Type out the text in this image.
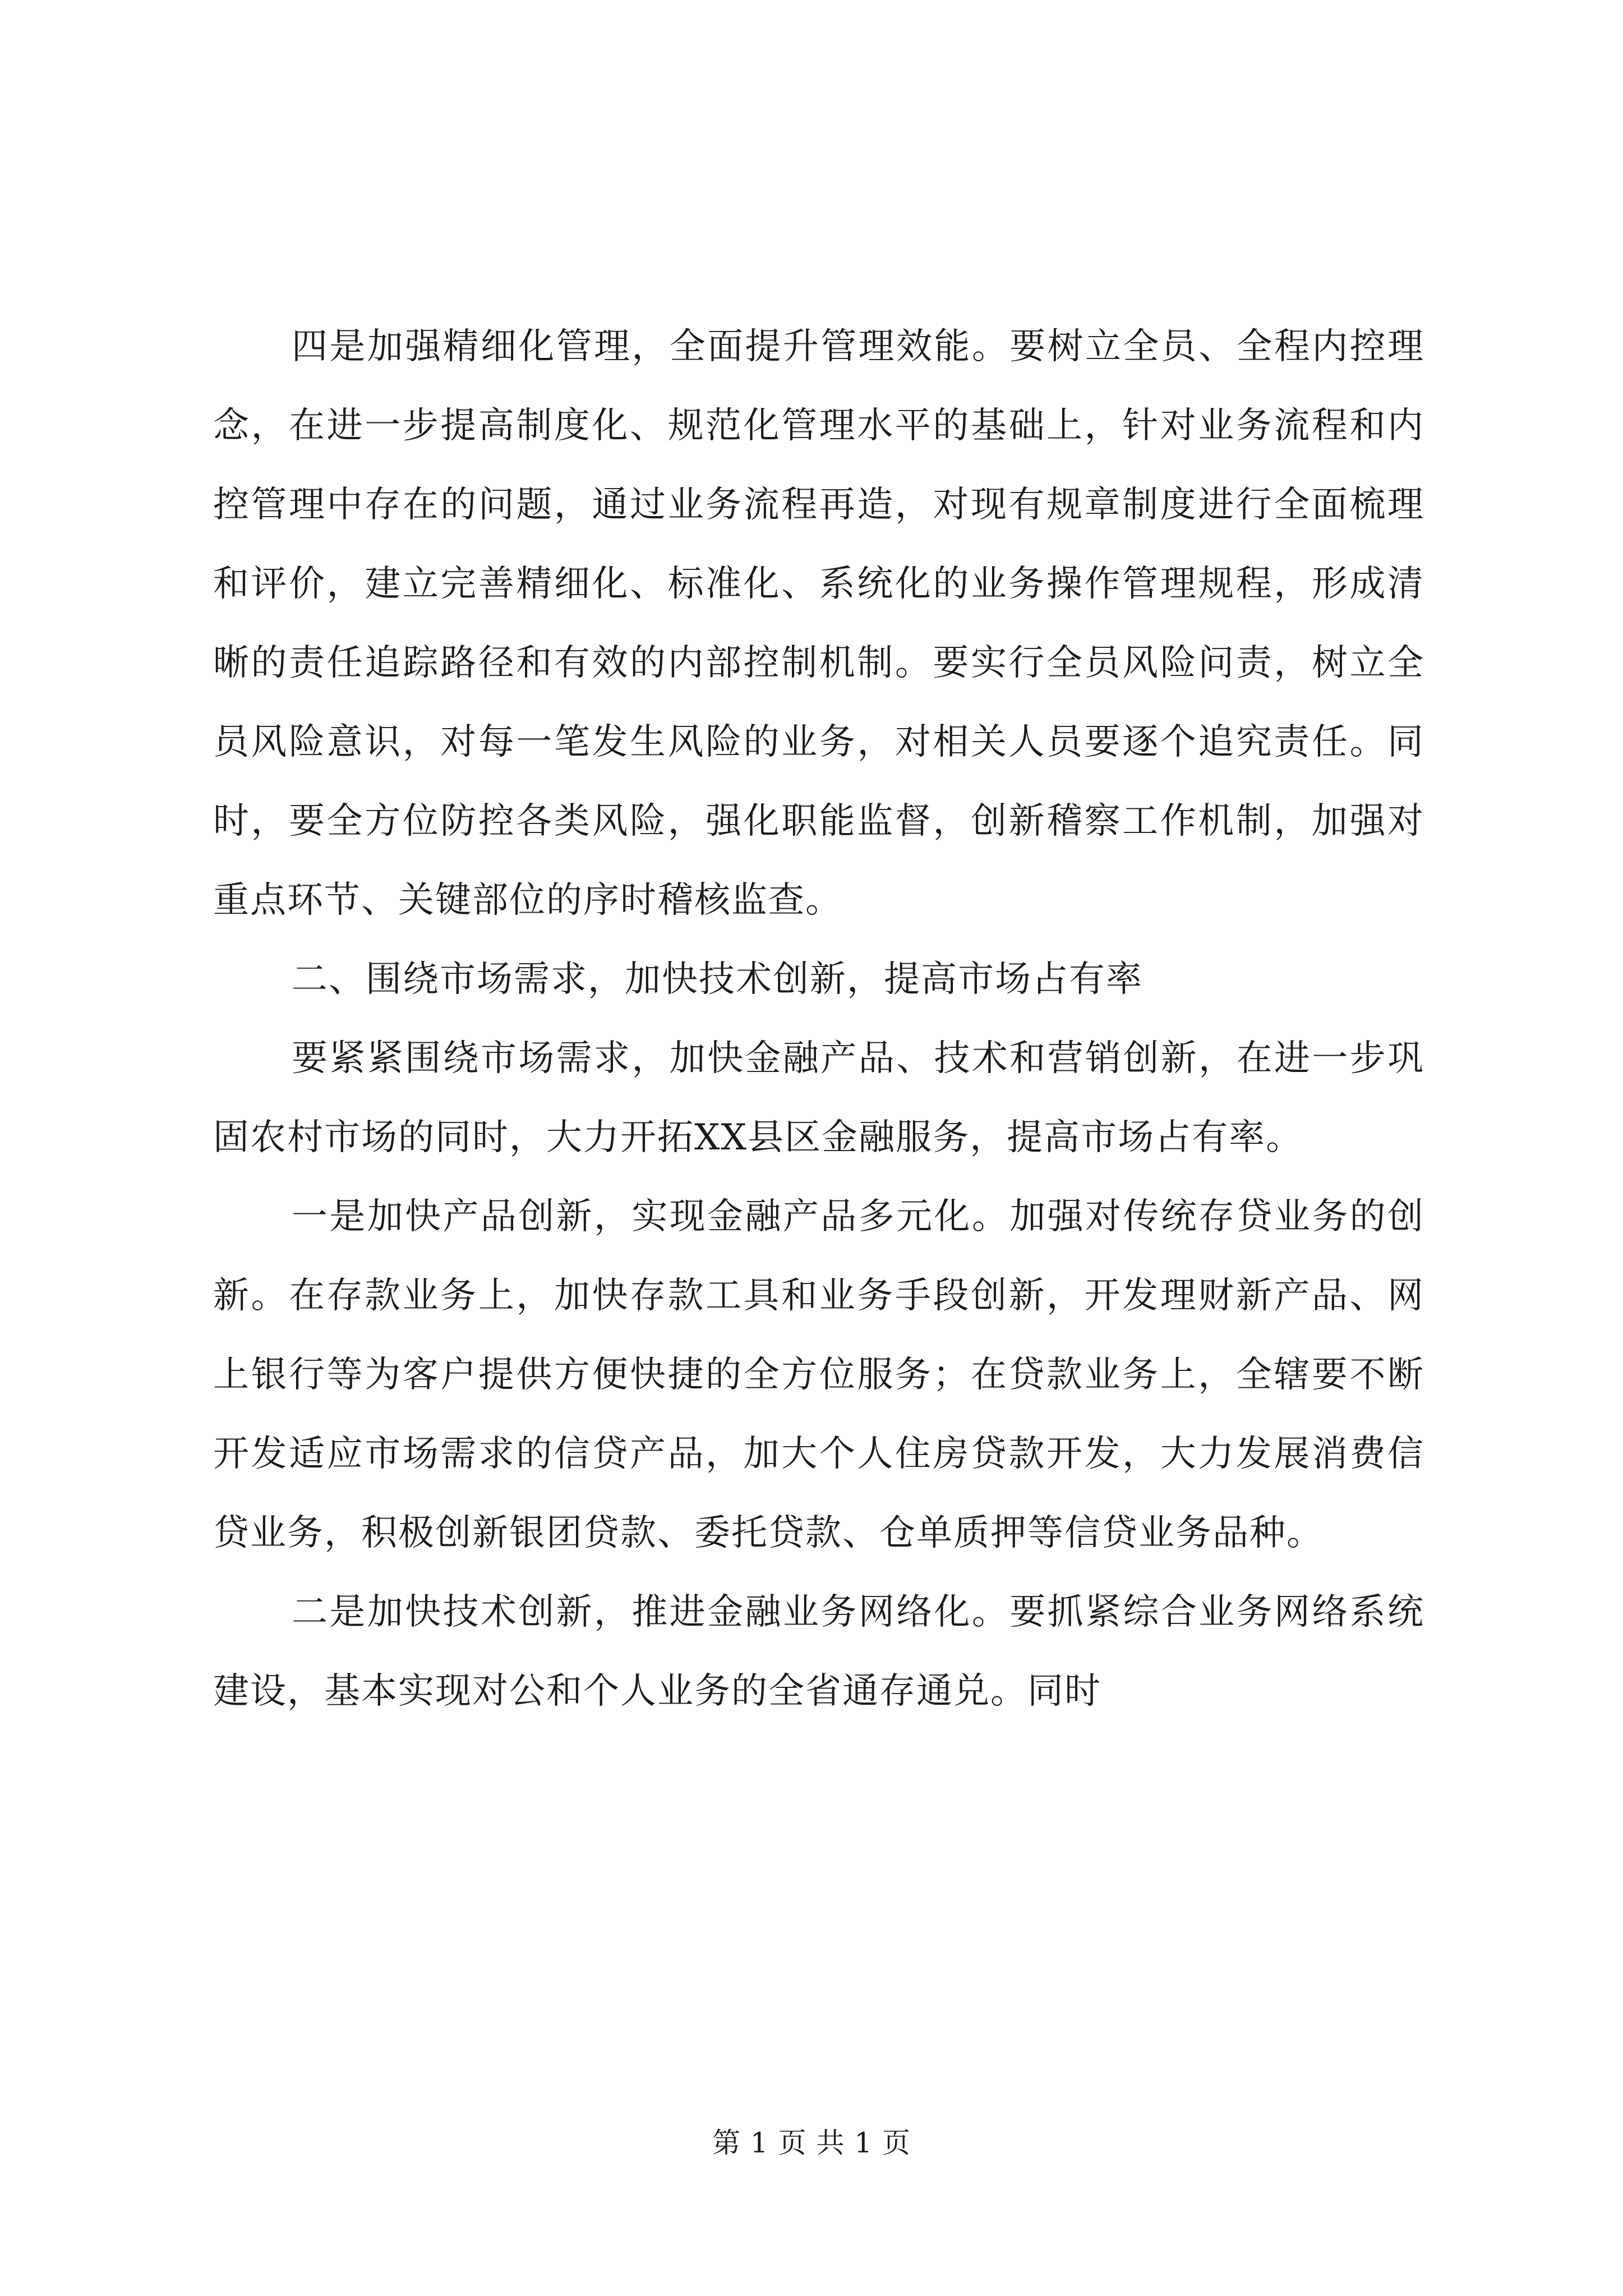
四是加强精细化管理，全面提升管理效能。要树立全员、全程内控理念，在进一步提高制度化、规范化管理水平的基础上，针对业务流程和内控管理中存在的问题，通过业务流程再造，对现有规章制度进行全面梳理和评价，建立完善精细化、标准化、系统化的业务操作管理规程，形成清晰的责任追踪路径和有效的内部控制机制。要实行全员风险问责，树立全员风险意识，对每一笔发生风险的业务，对相关人员要逐个追究责任。同时，要全方位防控各类风险，强化职能监督，创新稽察工作机制，加强对重点环节、关键部位的序时稽核监查。

二、围绕市场需求，加快技术创新，提高市场占有率

要紧紧围绕市场需求，加快金融产品、技术和营销创新，在进一步巩固农村市场的同时，大力开拓XX县区金融服务，提高市场占有率。

一是加快产品创新，实现金融产品多元化。加强对传统存贷业务的创新。在存款业务上，加快存款工具和业务手段创新，开发理财新产品、网上银行等为客户提供方便快捷的全方位服务；在贷款业务上，全辖要不断开发适应市场需求的信贷产品，加大个人住房贷款开发，大力发展消费信贷业务，积极创新银团贷款、委托贷款、仓单质押等信贷业务品种。

二是加快技术创新，推进金融业务网络化。要抓紧综合业务网络系统建设，基本实现对公和个人业务的全省通存通兑。同时

第 1 页 共 1 页
